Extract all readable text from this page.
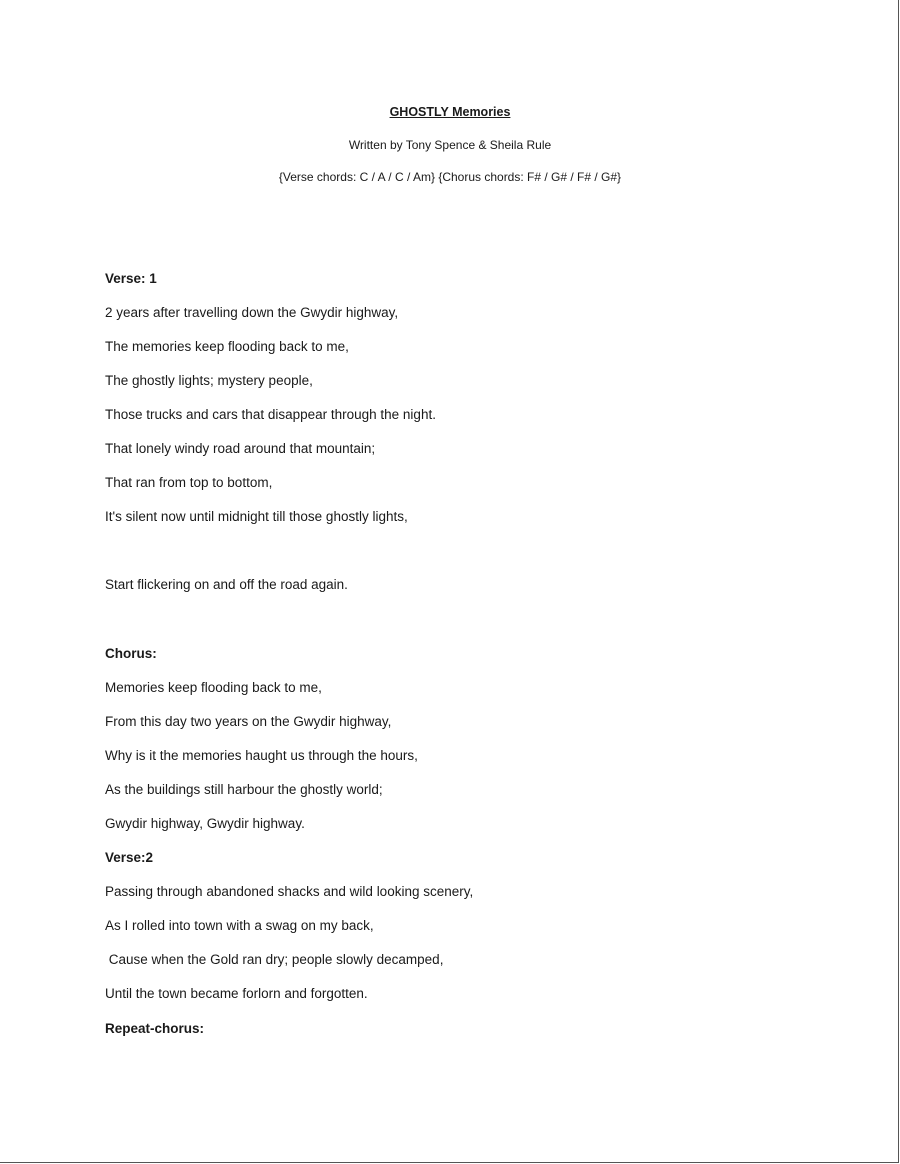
GHOSTLY Memories
Written by Tony Spence & Sheila Rule
{Verse chords: C / A / C / Am} {Chorus chords: F# / G# / F# / G#}
Verse: 1
2 years after travelling down the Gwydir highway,
The memories keep flooding back to me,
The ghostly lights; mystery people,
Those trucks and cars that disappear through the night.
That lonely windy road around that mountain;
That ran from top to bottom,
It's silent now until midnight till those ghostly lights,
Start flickering on and off the road again.
Chorus:
Memories keep flooding back to me,
From this day two years on the Gwydir highway,
Why is it the memories haught us through the hours,
As the buildings still harbour the ghostly world;
Gwydir highway, Gwydir highway.
Verse:2
Passing through abandoned shacks and wild looking scenery,
As I rolled into town with a swag on my back,
Cause when the Gold ran dry; people slowly decamped,
Until the town became forlorn and forgotten.
Repeat-chorus:
